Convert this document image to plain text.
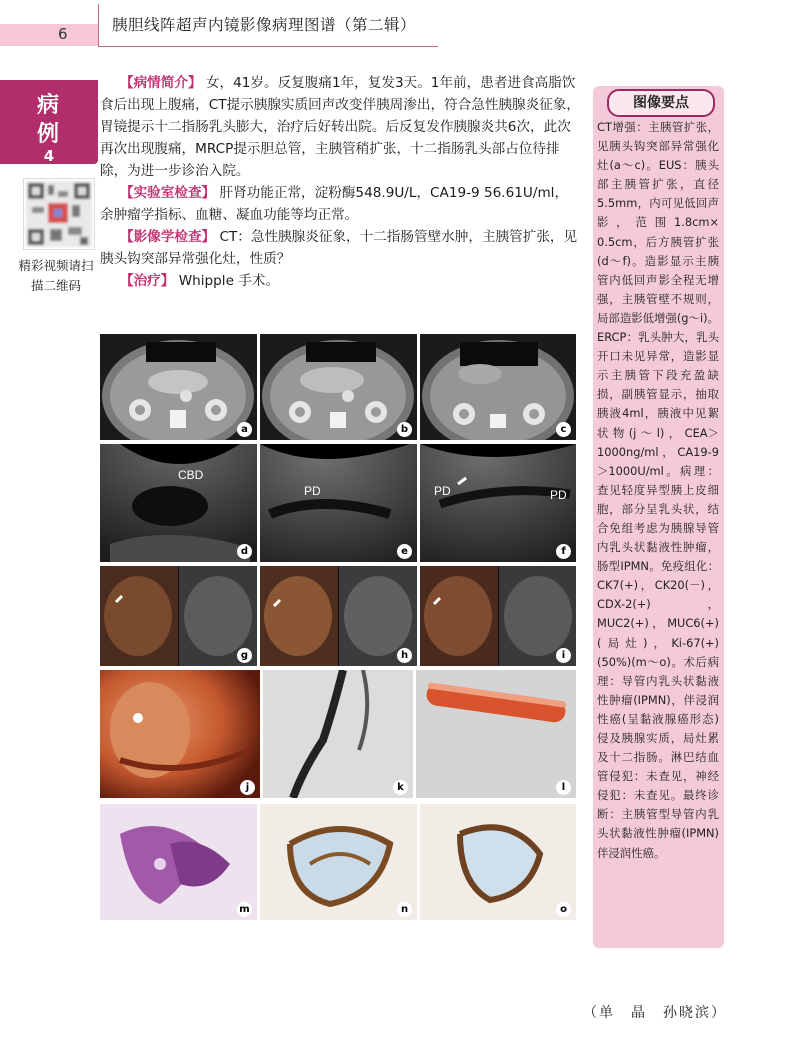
6	胰胆线阵超声内镜影像病理图谱（第二辑）
病
例
4
精彩视频请扫描二维码

【病情简介】 女，41岁。反复腹痛1年，复发3天。1年前，患者进食高脂饮食后出现上腹痛，CT提示胰腺实质回声改变伴胰周渗出，符合急性胰腺炎征象，胃镜提示十二指肠乳头膨大，治疗后好转出院。后反复发作胰腺炎共6次，此次再次出现腹痛，MRCP提示胆总管，主胰管稍扩张，十二指肠乳头部占位待排除，为进一步诊治入院。

【实验室检查】 肝肾功能正常，淀粉酶548.9U/L，CA19-9 56.61U/ml，余肿瘤学指标、血糖、凝血功能等均正常。

【影像学检查】 CT：急性胰腺炎征象，十二指肠管壁水肿，主胰管扩张，见胰头钩突部异常强化灶，性质？

【治疗】 Whipple 手术。

a	b	c
CBD
d
PD
e
PD	PD
f
g	h	i
j	k	l
m	n	o
图像要点
CT增强：主胰管扩张，见胰头钩突部异常强化灶(a～c)。EUS：胰头部主胰管扩张，直径5.5mm，内可见低回声影，范围1.8cm× 0.5cm，后方胰管扩张(d～f)。造影显示主胰管内低回声影全程无增强，主胰管壁不规则，局部造影低增强(g～i)。ERCP：乳头肿大，乳头开口未见异常，造影显示主胰管下段充盈缺损，副胰管显示，抽取胰液4ml，胰液中见絮状物(j～l)，CEA＞1000ng/ml，CA19-9＞1000U/ml。病理：查见轻度异型胰上皮细胞，部分呈乳头状，结合免组考虑为胰腺导管内乳头状黏液性肿瘤，肠型IPMN。免疫组化：CK7(+)，CK20(－)，CDX-2(+)，MUC2(+)，MUC6(+)(局灶)，Ki-67(+)(50%)(m～o)。术后病理：导管内乳头状黏液性肿瘤(IPMN)，伴浸润性癌(呈黏液腺癌形态)侵及胰腺实质，局灶累及十二指肠。淋巴结血管侵犯：未查见，神经侵犯：未查见。最终诊断：主胰管型导管内乳头状黏液性肿瘤(IPMN)伴浸润性癌。
（单　晶　孙晓滨）
